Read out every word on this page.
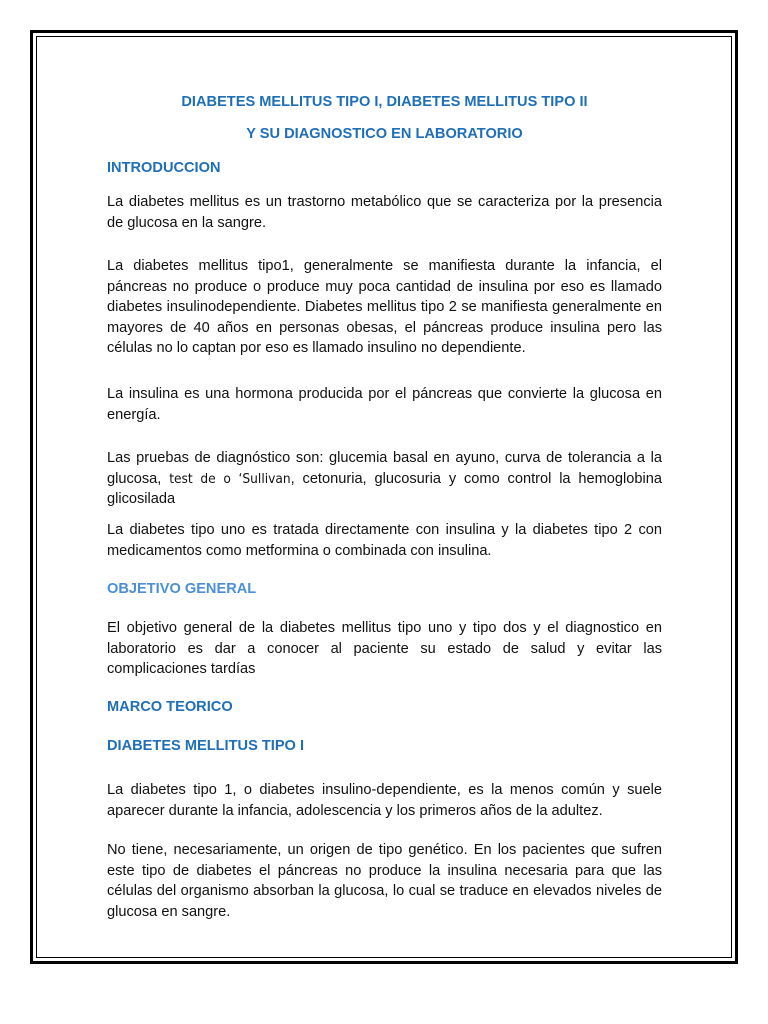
DIABETES MELLITUS TIPO I, DIABETES MELLITUS TIPO II
Y SU DIAGNOSTICO EN LABORATORIO
INTRODUCCION

La diabetes mellitus es un trastorno metabólico que se caracteriza por la presencia de glucosa en la sangre.

La diabetes mellitus tipo1, generalmente se manifiesta durante la infancia, el páncreas no produce o produce muy poca cantidad de insulina por eso es llamado diabetes insulinodependiente. Diabetes mellitus tipo 2 se manifiesta generalmente en mayores de 40 años en personas obesas, el páncreas produce insulina pero las células no lo captan por eso es llamado insulino no dependiente.

La insulina es una hormona producida por el páncreas que convierte la glucosa en energía.

Las pruebas de diagnóstico son: glucemia basal en ayuno, curva de tolerancia a la glucosa, test de o ‘Sullivan, cetonuria, glucosuria y como control la hemoglobina glicosilada

La diabetes tipo uno es tratada directamente con insulina y la diabetes tipo 2 con medicamentos como metformina o combinada con insulina.

OBJETIVO GENERAL

El objetivo general de la diabetes mellitus tipo uno y tipo dos y el diagnostico en laboratorio es dar a conocer al paciente su estado de salud y evitar las complicaciones tardías

MARCO TEORICO
DIABETES MELLITUS TIPO I

La diabetes tipo 1, o diabetes insulino-dependiente, es la menos común y suele aparecer durante la infancia, adolescencia y los primeros años de la adultez.

No tiene, necesariamente, un origen de tipo genético. En los pacientes que sufren este tipo de diabetes el páncreas no produce la insulina necesaria para que las células del organismo absorban la glucosa, lo cual se traduce en elevados niveles de glucosa en sangre.
